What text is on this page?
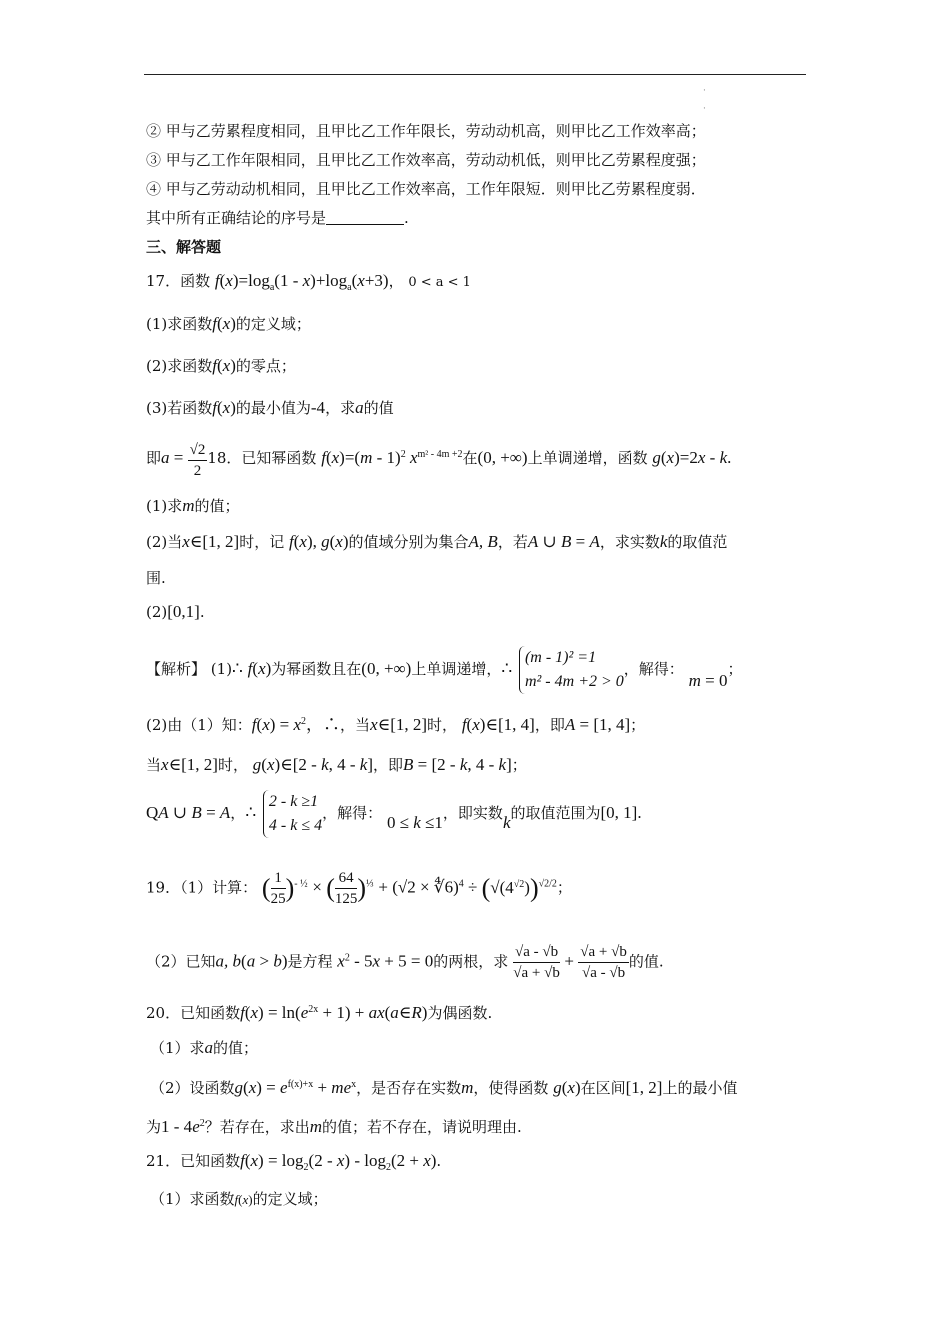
·
·
② 甲与乙劳累程度相同，且甲比乙工作年限长，劳动动机高，则甲比乙工作效率高；
③ 甲与乙工作年限相同，且甲比乙工作效率高，劳动动机低，则甲比乙劳累程度强；
④ 甲与乙劳动动机相同，且甲比乙工作效率高，工作年限短．则甲比乙劳累程度弱．
其中所有正确结论的序号是	.
三、解答题
17．函数 $f(x)=\log_a(1 - x)+\log_a(x+3)$， 0 < a < 1
(1)求函数f(x)的定义域；
(2)求函数f(x)的零点；
(3)若函数f(x)的最小值为-4，求a的值
即$a = \frac{√2}{2} 18$．已知幂函数 f(x)=(m - 1)$^2$ $x^{m^2 - 4m +2}$在(0, +∞)上单调递增，函数 g(x)=2x - k.
(1)求m的值；
(2)当x∈[1, 2]时，记 f(x), g(x)的值域分别为集合A, B，若A ∪ B = A，求实数k的取值范
围.
(2)[0,1].
【解析】 (1)∴ f(x)为幂函数且在(0, +∞)上单调递增，∴
(m - 1)² =1
m² - 4m +2 > 0
，解得： m = 0；
(2)由（1）知：$f(x) = x^2$，∴，当x∈[1, 2]时， f(x)∈[1, 4]，即A = [1, 4]；
当x∈[1, 2]时， g(x)∈[2 - k, 4 - k]，即B = [2 - k, 4 - k]；
QA ∪ B = A，∴
2 - k ≥1
4 - k ≤ 4
，解得： 0 ≤ k ≤1，即实数k的取值范围为[0, 1].
19．（1）计算： ( $\frac{1}{25} )^{- \frac{1}{2}}$ × ( $\frac{64}{125} )^{\frac{1}{3}} + (√2$ × ∜6)$^4$ ÷ $(√(4^{√2}))^{√2/2}$；
（2）已知a, b(a > b)是方程 $x^2 - 5x + 5 = 0$的两根，求 $\frac{√a - √b}{√a + √b} + \frac{√a + √b}{√a - √b}$ 的值.
20．已知函数$f(x) = \ln(e^{2x} + 1)$ + ax(a∈R)为偶函数.
（1）求a的值；
（2）设函数$g(x) = e^{f(x)+x} + me^x$，是否存在实数m，使得函数 g(x)在区间[1, 2]上的最小值
为$1 - 4e^2$？若存在，求出m的值；若不存在，请说明理由.
21．已知函数$f(x) = \log_2(2 - x) - \log_2(2 + x)$.
（1）求函数f(x)的定义域；
